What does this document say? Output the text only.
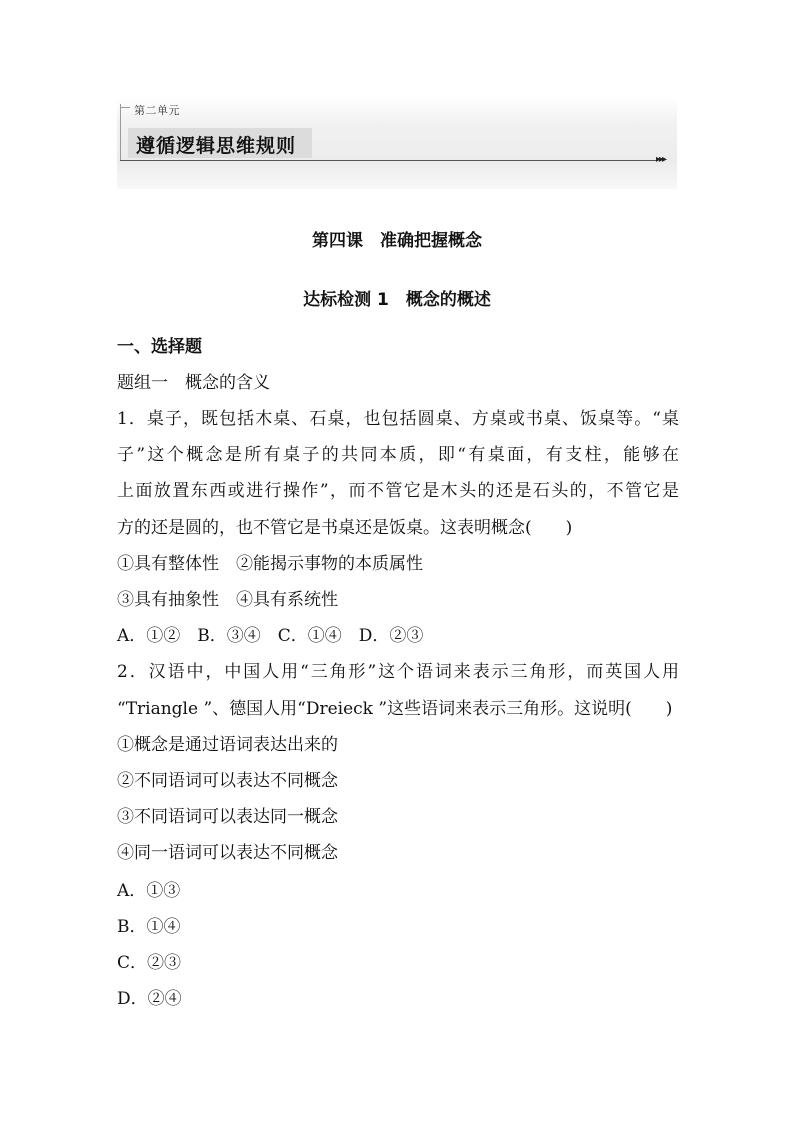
第二单元
遵循逻辑思维规则
▸▸▸
第四课　准确把握概念
达标检测 1　概念的概述
一、选择题
题组一　概念的含义
1．桌子，既包括木桌、石桌，也包括圆桌、方桌或书桌、饭桌等。“桌
子”这个概念是所有桌子的共同本质，即“有桌面，有支柱，能够在
上面放置东西或进行操作”，而不管它是木头的还是石头的，不管它是
方的还是圆的，也不管它是书桌还是饭桌。这表明概念(　　)
①具有整体性　②能揭示事物的本质属性
③具有抽象性　④具有系统性
A．①②　B．③④　C．①④　D．②③
2．汉语中，中国人用“三角形”这个语词来表示三角形，而英国人用
“Triangle ”、德国人用“Dreieck ”这些语词来表示三角形。这说明(　　)
①概念是通过语词表达出来的
②不同语词可以表达不同概念
③不同语词可以表达同一概念
④同一语词可以表达不同概念
A．①③
B．①④
C．②③
D．②④
